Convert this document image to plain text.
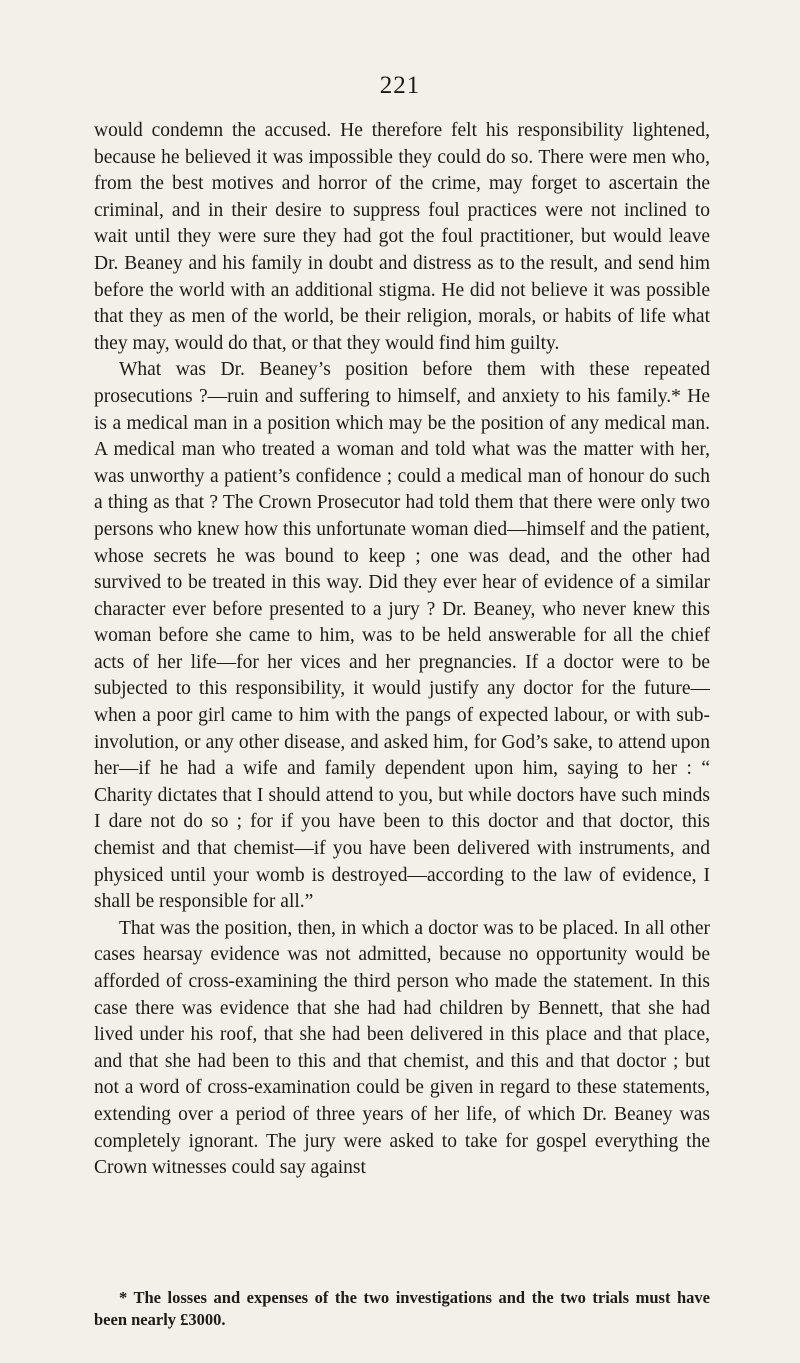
221

would condemn the accused. He therefore felt his responsibility lightened, because he believed it was impossible they could do so. There were men who, from the best motives and horror of the crime, may forget to ascertain the criminal, and in their desire to suppress foul practices were not inclined to wait until they were sure they had got the foul practitioner, but would leave Dr. Beaney and his family in doubt and distress as to the result, and send him before the world with an additional stigma. He did not believe it was possible that they as men of the world, be their religion, morals, or habits of life what they may, would do that, or that they would find him guilty.

What was Dr. Beaney’s position before them with these repeated prosecutions ?—ruin and suffering to himself, and anxiety to his family.* He is a medical man in a position which may be the position of any medical man. A medical man who treated a woman and told what was the matter with her, was unworthy a patient’s confidence ; could a medical man of honour do such a thing as that ? The Crown Prosecutor had told them that there were only two persons who knew how this unfortunate woman died—himself and the patient, whose secrets he was bound to keep ; one was dead, and the other had survived to be treated in this way. Did they ever hear of evidence of a similar character ever before presented to a jury ? Dr. Beaney, who never knew this woman before she came to him, was to be held answerable for all the chief acts of her life—for her vices and her pregnancies. If a doctor were to be subjected to this responsibility, it would justify any doctor for the future—when a poor girl came to him with the pangs of expected labour, or with sub-involution, or any other disease, and asked him, for God’s sake, to attend upon her—if he had a wife and family dependent upon him, saying to her : “ Charity dictates that I should attend to you, but while doctors have such minds I dare not do so ; for if you have been to this doctor and that doctor, this chemist and that chemist—if you have been delivered with instruments, and physiced until your womb is destroyed—according to the law of evidence, I shall be responsible for all.”

That was the position, then, in which a doctor was to be placed. In all other cases hearsay evidence was not admitted, because no opportunity would be afforded of cross-examining the third person who made the statement. In this case there was evidence that she had had children by Bennett, that she had lived under his roof, that she had been delivered in this place and that place, and that she had been to this and that chemist, and this and that doctor ; but not a word of cross-examination could be given in regard to these statements, extending over a period of three years of her life, of which Dr. Beaney was completely ignorant. The jury were asked to take for gospel everything the Crown witnesses could say against

* The losses and expenses of the two investigations and the two trials must have been nearly £3000.
